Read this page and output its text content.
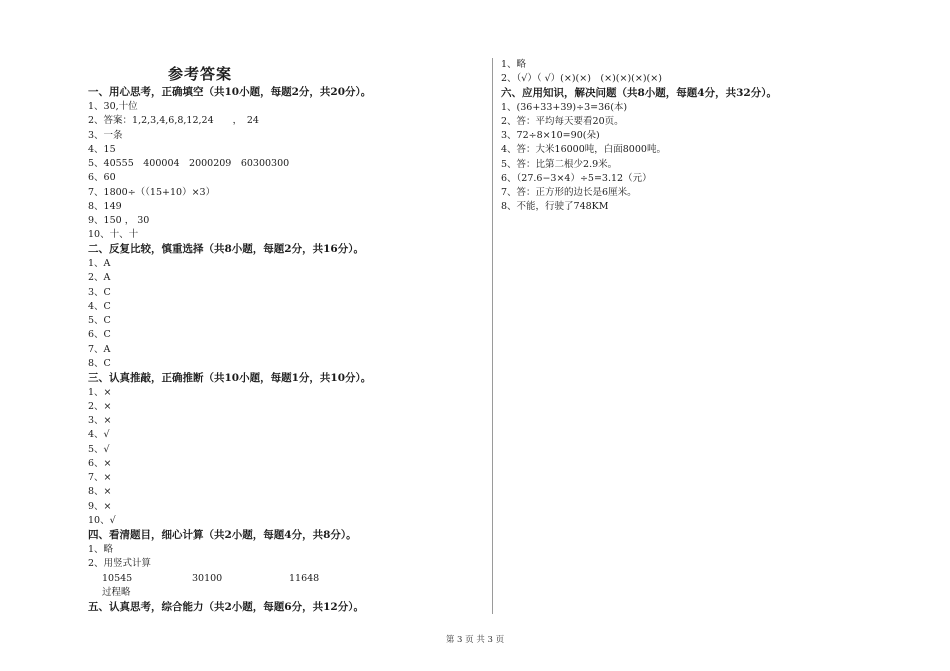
参考答案
一、用心思考，正确填空（共10小题，每题2分，共20分）。
1、30,十位
2、答案：1,2,3,4,6,8,12,24　　，　24
3、一条
4、15
5、40555　400004　2000209　60300300
6、60
7、1800÷（（15+10）×3）
8、149
9、150 ， 30
10、十、十
二、反复比较，慎重选择（共8小题，每题2分，共16分）。
1、A
2、A
3、C
4、C
5、C
6、C
7、A
8、C
三、认真推敲，正确推断（共10小题，每题1分，共10分）。
1、×
2、×
3、×
4、√
5、√
6、×
7、×
8、×
9、×
10、√
四、看清题目，细心计算（共2小题，每题4分，共8分）。
1、略
2、用竖式计算
10545	30100	11648
过程略
五、认真思考，综合能力（共2小题，每题6分，共12分）。
1、略
2、（√）（ √）(×)(×)　(×)(×)(×)(×)
六、应用知识，解决问题（共8小题，每题4分，共32分）。
1、(36+33+39)÷3=36(本)
2、答：平均每天要看20页。
3、72÷8×10=90(朵)
4、答：大米16000吨，白面8000吨。
5、答：比第二根少2.9米。
6、（27.6−3×4）÷5=3.12（元）
7、答：正方形的边长是6厘米。
8、不能，行驶了748KM
第 3 页 共 3 页
